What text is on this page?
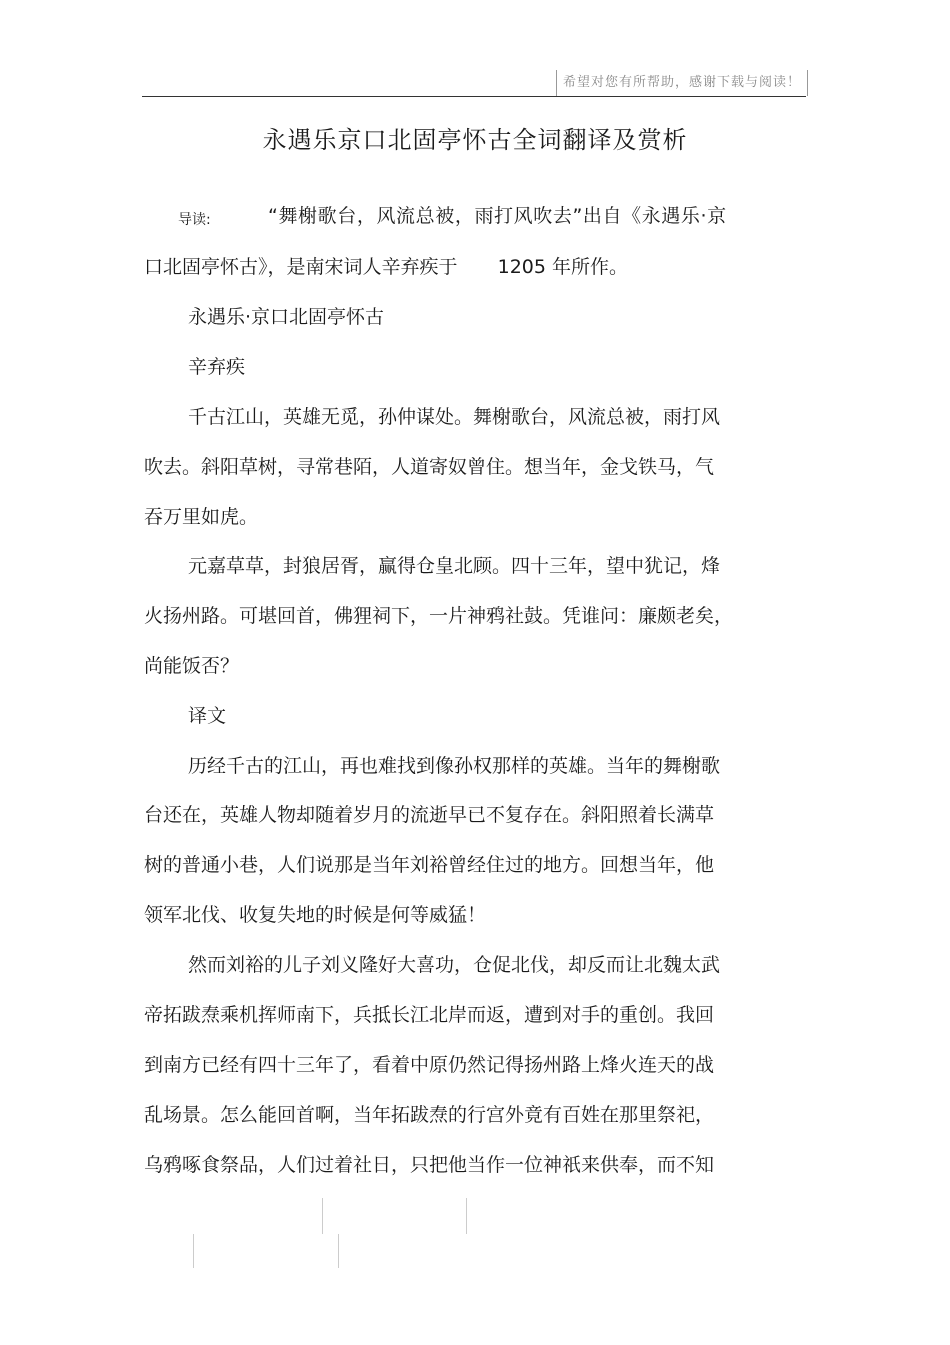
希望对您有所帮助，感谢下载与阅读！
永遇乐京口北固亭怀古全词翻译及赏析
导读:	“舞榭歌台，风流总被，雨打风吹去”出自《永遇乐·京
口北固亭怀古》，是南宋词人辛弃疾于 1205 年所作。
永遇乐·京口北固亭怀古
辛弃疾
千古江山，英雄无觅，孙仲谋处。舞榭歌台，风流总被，雨打风
吹去。斜阳草树，寻常巷陌，人道寄奴曾住。想当年，金戈铁马，气
吞万里如虎。
元嘉草草，封狼居胥，赢得仓皇北顾。四十三年，望中犹记，烽
火扬州路。可堪回首，佛狸祠下，一片神鸦社鼓。凭谁问：廉颇老矣，
尚能饭否？
译文
历经千古的江山，再也难找到像孙权那样的英雄。当年的舞榭歌
台还在，英雄人物却随着岁月的流逝早已不复存在。斜阳照着长满草
树的普通小巷，人们说那是当年刘裕曾经住过的地方。回想当年，他
领军北伐、收复失地的时候是何等威猛！
然而刘裕的儿子刘义隆好大喜功，仓促北伐，却反而让北魏太武
帝拓跋焘乘机挥师南下，兵抵长江北岸而返，遭到对手的重创。我回
到南方已经有四十三年了，看着中原仍然记得扬州路上烽火连天的战
乱场景。怎么能回首啊，当年拓跋焘的行宫外竟有百姓在那里祭祀，
乌鸦啄食祭品，人们过着社日，只把他当作一位神祇来供奉，而不知
